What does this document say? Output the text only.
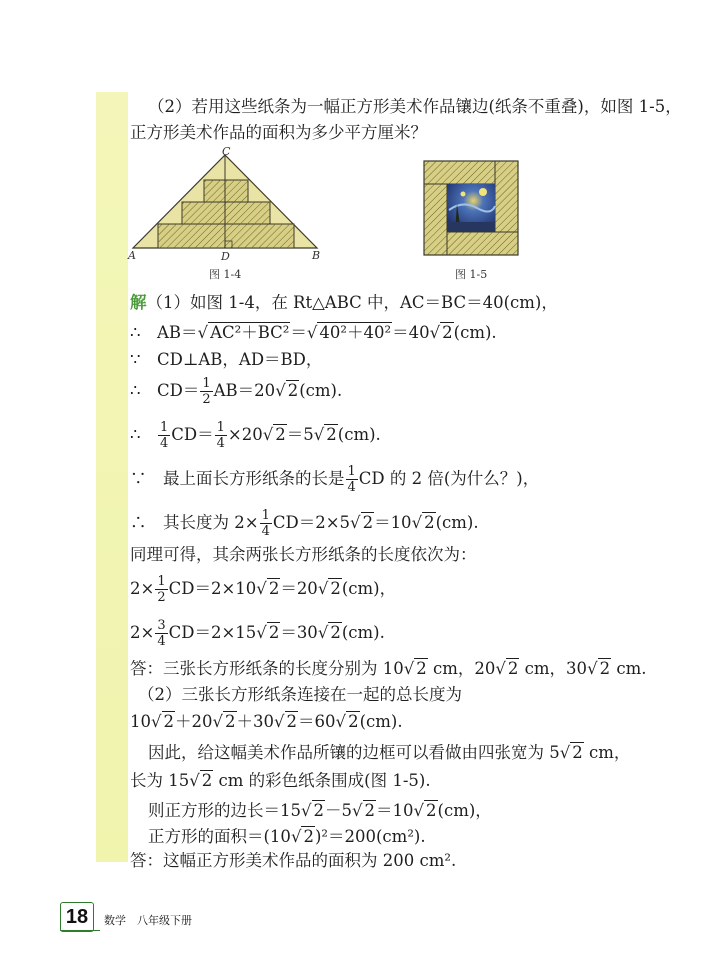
（2）若用这些纸条为一幅正方形美术作品镶边(纸条不重叠)，如图 1-5，
正方形美术作品的面积为多少平方厘米？
C
A	D	B
图 1-4	图 1-5
解（1）如图 1-4，在 Rt△ABC 中，AC＝BC＝40(cm)，
∴　AB＝√ AC²＋BC²＝√ 40²＋40²＝40√ 2(cm).
∵　CD⊥AB，AD＝BD，
∴　$CD= \frac{1}{2} AB=20√$ 2(cm).
∴　 $\frac{1}{4} CD= \frac{1}{4} \times 20√$ 2＝5√ 2(cm).
∵　最上面长方形纸条的长是 $\frac{1}{4}$ CD 的 2 倍(为什么？)，
∴　其长度为 $2\times \frac{1}{4} CD=2\times 5√$ 2＝10√ 2(cm).
同理可得，其余两张长方形纸条的长度依次为：
$2\times \frac{1}{2} CD=2\times 10√$ 2＝20√ 2(cm)，
$2\times \frac{3}{4} CD=2\times 15√$ 2＝30√ 2(cm).
答：三张长方形纸条的长度分别为 10√ 2 cm，20√ 2 cm，30√ 2 cm.
（2）三张长方形纸条连接在一起的总长度为
10√ 2＋20√ 2＋30√ 2＝60√ 2(cm).
因此，给这幅美术作品所镶的边框可以看做由四张宽为 5√ 2 cm，
长为 15√ 2 cm 的彩色纸条围成(图 1-5).
则正方形的边长＝15√ 2－5√ 2＝10√ 2(cm)，
正方形的面积＝(10√ 2)²＝200(cm²).
答：这幅正方形美术作品的面积为 200 cm².
18	数学　八年级下册
